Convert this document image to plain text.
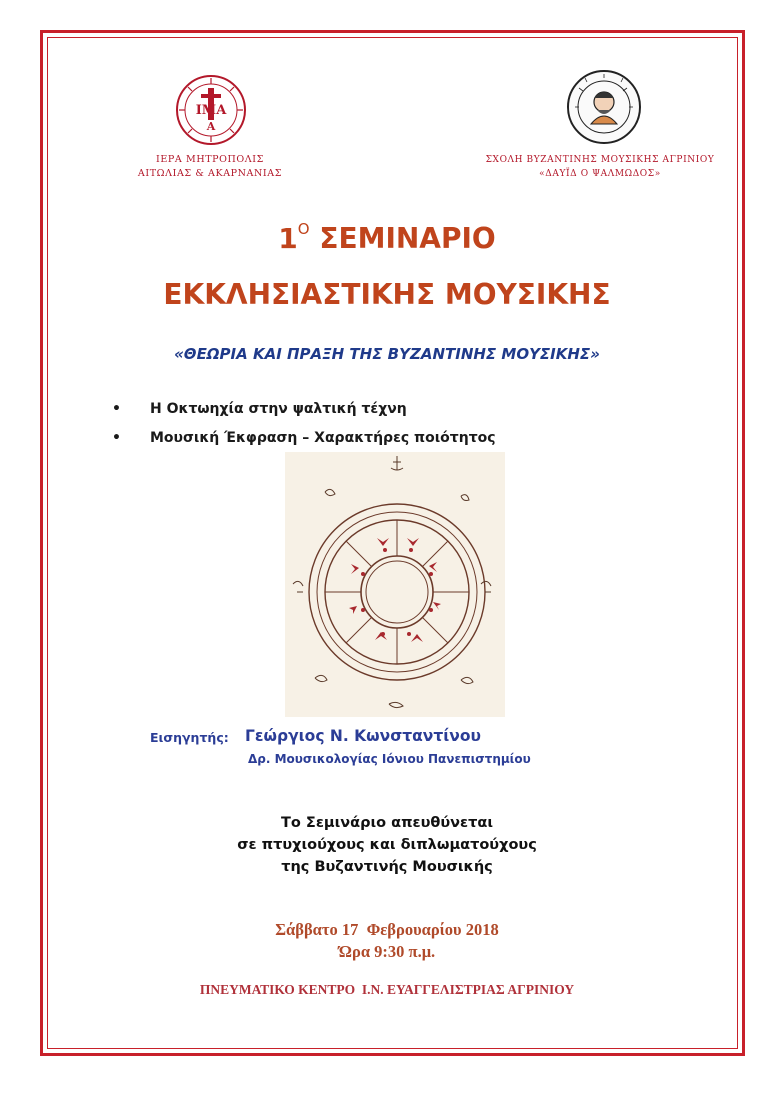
I​M​​A
A
ΙΕΡΑ ΜΗΤΡΟΠΟΛΙΣ
ΑΙΤΩΛΙΑΣ & ΑΚΑΡΝΑΝΙΑΣ
ΣΧΟΛΗ ΒΥΖΑΝΤΙΝΗΣ ΜΟΥΣΙΚΗΣ ΑΓΡΙΝΙΟΥ
«ΔΑΥΪΔ Ο ΨΑΛΜΩΔΟΣ»
$1^O$ ΣΕΜΙΝΑΡΙΟ
ΕΚΚΛΗΣΙΑΣΤΙΚΗΣ ΜΟΥΣΙΚΗΣ
«ΘΕΩΡΙΑ ΚΑΙ ΠΡΑΞΗ ΤΗΣ ΒΥΖΑΝΤΙΝΗΣ ΜΟΥΣΙΚΗΣ»
• Η Οκτωηχία στην ψαλτική τέχνη
• Μουσική Έκφραση – Χαρακτήρες ποιότητος
Εισηγητής: Γεώργιος Ν. Κωνσταντίνου
Δρ. Μουσικολογίας Ιόνιου Πανεπιστημίου
Το Σεμινάριο απευθύνεται
σε πτυχιούχους και διπλωματούχους
της Βυζαντινής Μουσικής
Σάββατο 17  Φεβρουαρίου 2018
Ώρα 9:30 π.μ.
ΠΝΕΥΜΑΤΙΚΟ ΚΕΝΤΡΟ  Ι.Ν. ΕΥΑΓΓΕΛΙΣΤΡΙΑΣ ΑΓΡΙΝΙΟΥ
